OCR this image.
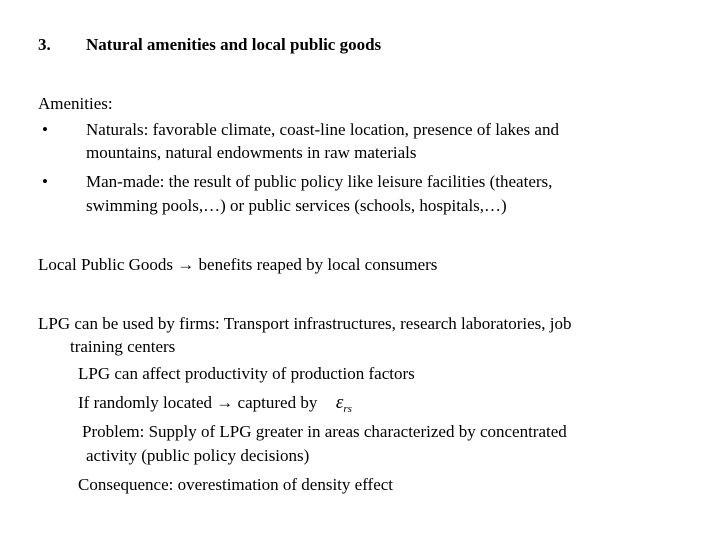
3. Natural amenities and local public goods
Amenities:
• Naturals: favorable climate, coast-line location, presence of lakes and
mountains, natural endowments in raw materials
• Man-made: the result of public policy like leisure facilities (theaters,
swimming pools,…) or public services (schools, hospitals,…)
Local Public Goods → benefits reaped by local consumers
LPG can be used by firms: Transport infrastructures, research laboratories, job
training centers
LPG can affect productivity of production factors
If randomly located → captured by $\varepsilon_{rs}$
Problem: Supply of LPG greater in areas characterized by concentrated
activity (public policy decisions)
Consequence: overestimation of density effect
